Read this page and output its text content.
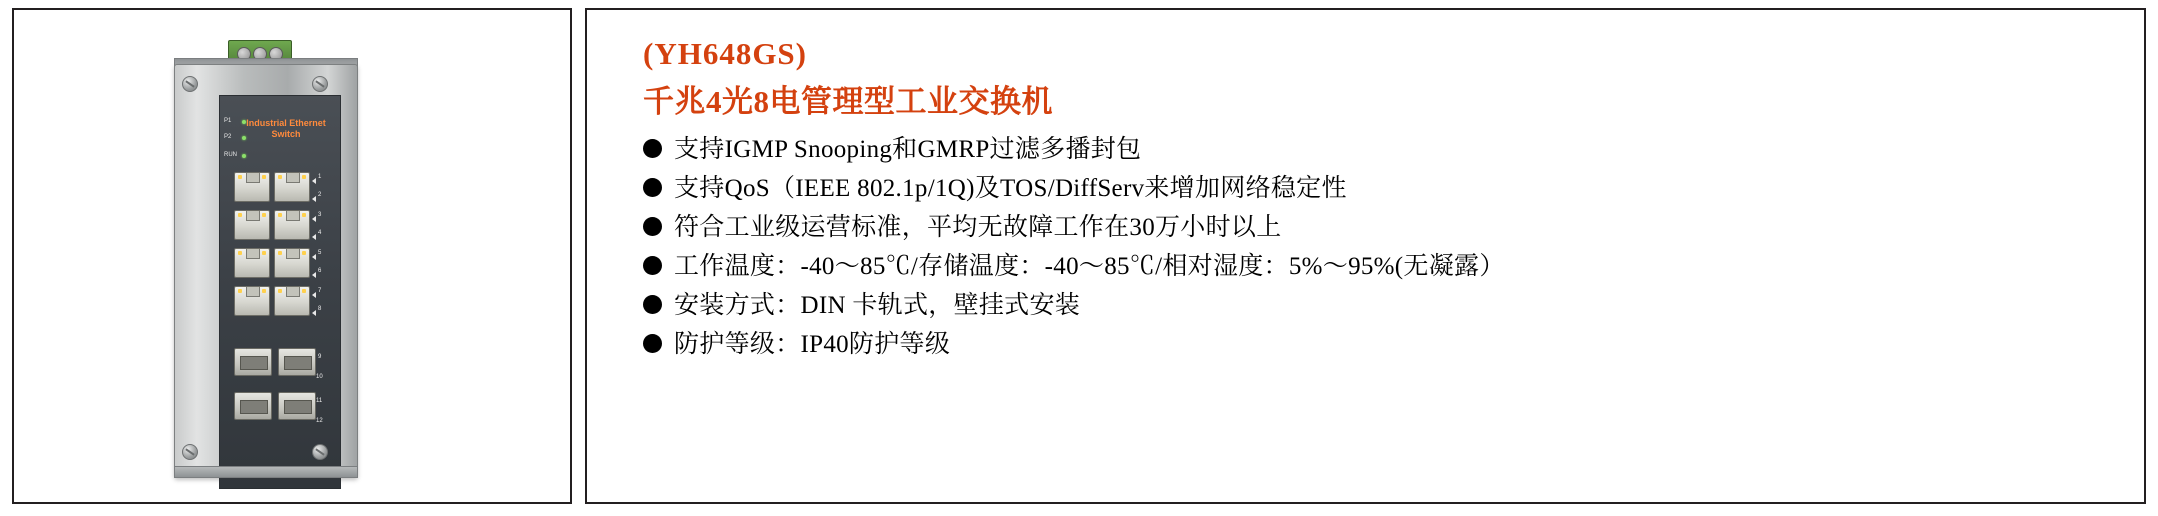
Industrial Ethernet Switch
P1
P2
RUN
1
2
3
4
5
6
7
8
9
10
11
12
(YH648GS)
千兆4光8电管理型工业交换机
支持IGMP Snooping和GMRP过滤多播封包
支持QoS（IEEE 802.1p/1Q)及TOS/DiffServ来增加网络稳定性
符合工业级运营标准，平均无故障工作在30万小时以上
工作温度：-40～85℃/存储温度：-40～85℃/相对湿度：5%～95%(无凝露）
安装方式：DIN 卡轨式，壁挂式安装
防护等级：IP40防护等级
